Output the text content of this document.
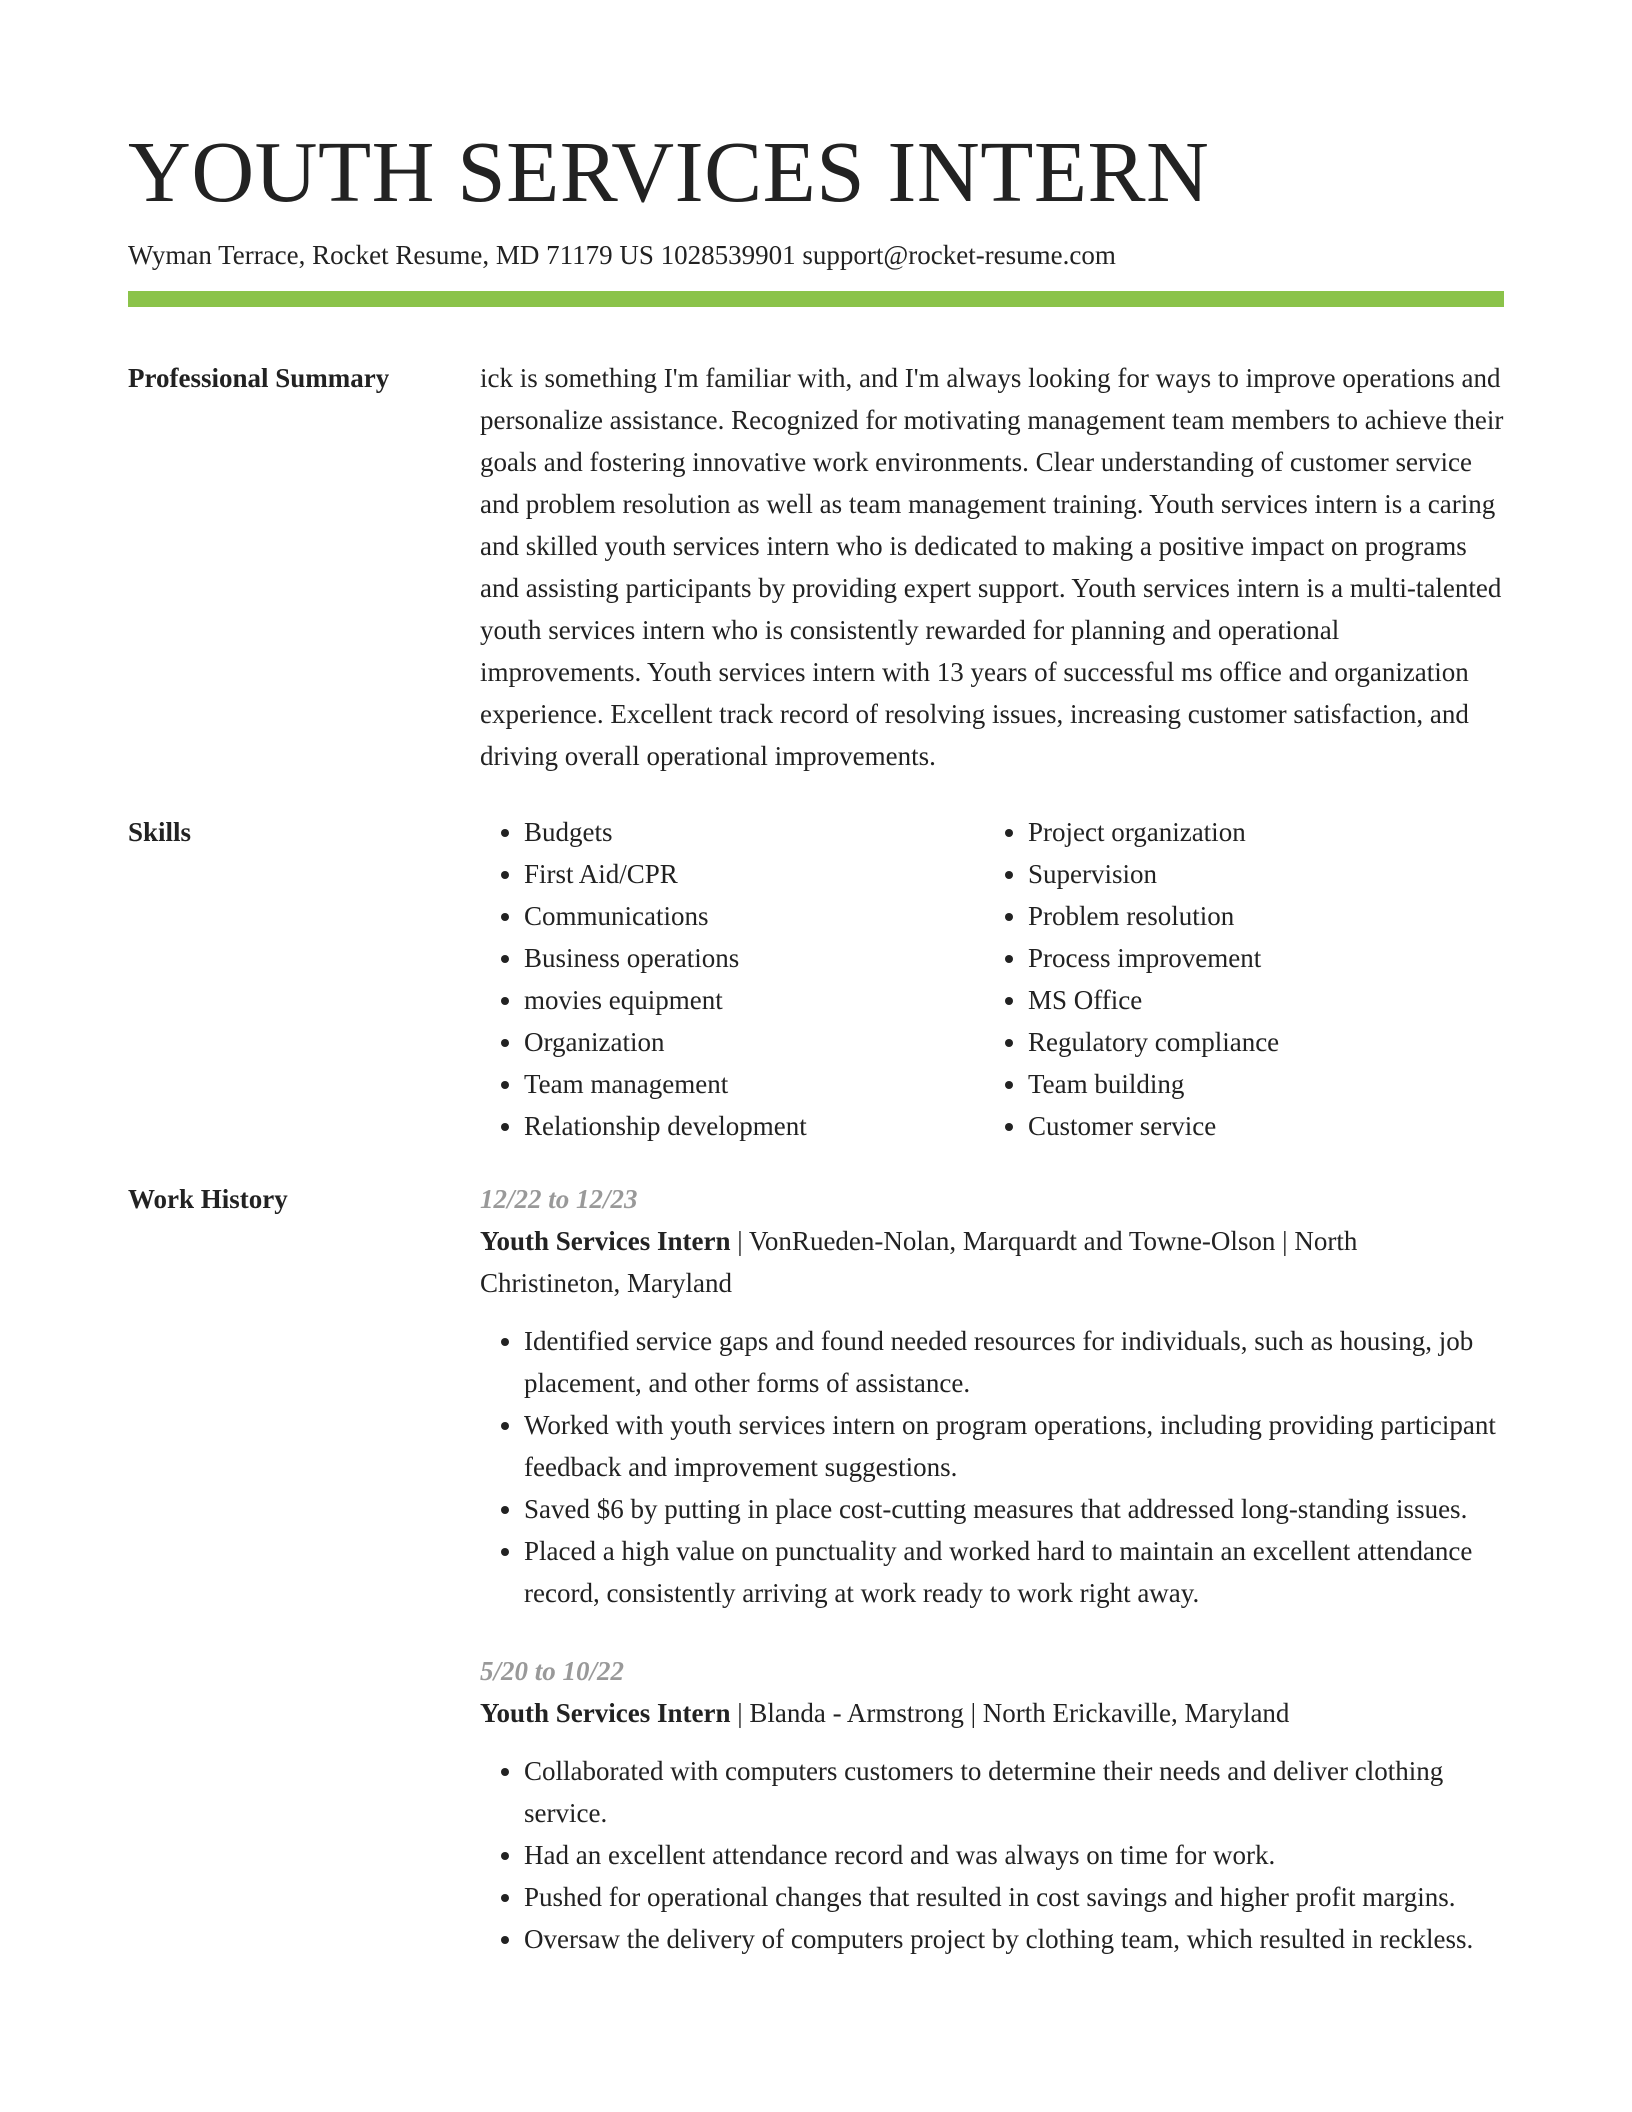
YOUTH SERVICES INTERN
Wyman Terrace, Rocket Resume, MD 71179 US 1028539901 support@rocket-resume.com
Professional Summary	ick is something I'm familiar with, and I'm always looking for ways to improve operations and personalize assistance. Recognized for motivating management team members to achieve their goals and fostering innovative work environments. Clear understanding of customer service and problem resolution as well as team management training. Youth services intern is a caring and skilled youth services intern who is dedicated to making a positive impact on programs and assisting participants by providing expert support. Youth services intern is a multi-talented youth services intern who is consistently rewarded for planning and operational improvements. Youth services intern with 13 years of successful ms office and organization experience. Excellent track record of resolving issues, increasing customer satisfaction, and driving overall operational improvements.

Skills
•	Budgets
• First Aid/CPR
• Communications
• Business operations
• movies equipment
• Organization
• Team management
• Relationship development
• Project organization
• Supervision
• Problem resolution
• Process improvement
• MS Office
• Regulatory compliance
• Team building
• Customer service
Work History	12/22 to 12/23

Youth Services Intern | VonRueden-Nolan, Marquardt and Towne-Olson | North Christineton, Maryland

• Identified service gaps and found needed resources for individuals, such as housing, job placement, and other forms of assistance.
• Worked with youth services intern on program operations, including providing participant feedback and improvement suggestions.
• Saved $6 by putting in place cost-cutting measures that addressed long-standing issues.
• Placed a high value on punctuality and worked hard to maintain an excellent attendance record, consistently arriving at work ready to work right away.
5/20 to 10/22

Youth Services Intern | Blanda - Armstrong | North Erickaville, Maryland

• Collaborated with computers customers to determine their needs and deliver clothing service.
• Had an excellent attendance record and was always on time for work.
• Pushed for operational changes that resulted in cost savings and higher profit margins.
• Oversaw the delivery of computers project by clothing team, which resulted in reckless.
